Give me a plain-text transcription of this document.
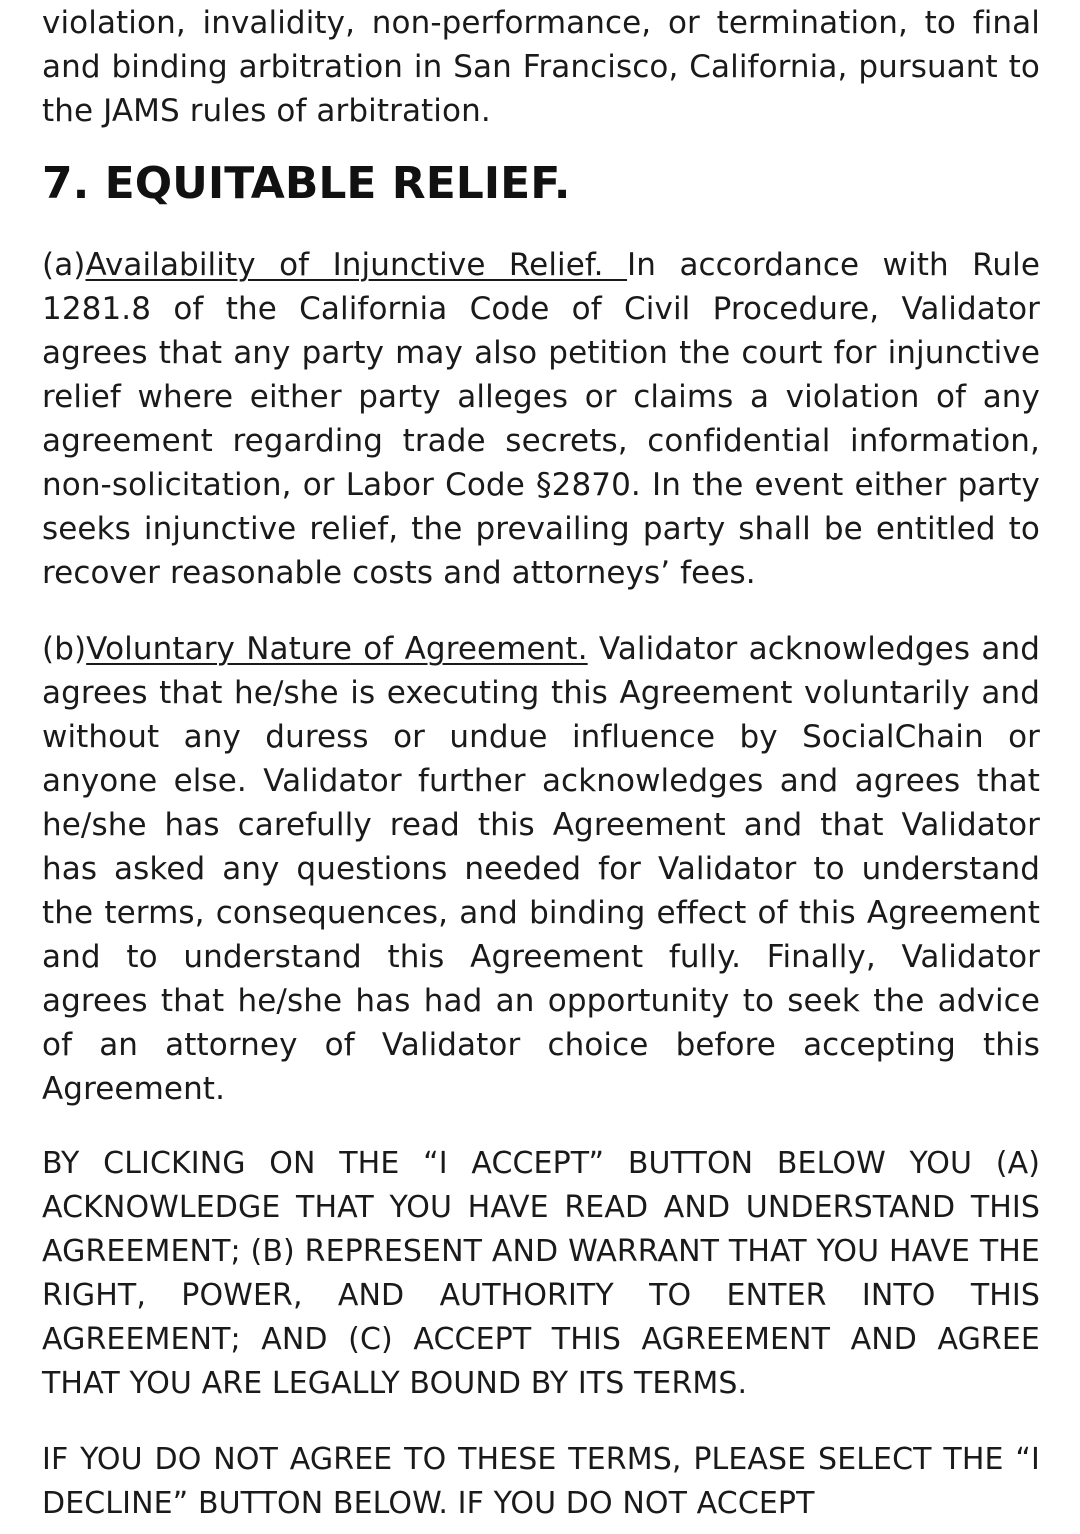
violation, invalidity, non-performance, or termination, to final and binding arbitration in San Francisco, California, pursuant to the JAMS rules of arbitration.

7. EQUITABLE RELIEF.

(a)Availability of Injunctive Relief. In accordance with Rule 1281.8 of the California Code of Civil Procedure, Validator agrees that any party may also petition the court for injunctive relief where either party alleges or claims a violation of any agreement regarding trade secrets, confidential information, non-solicitation, or Labor Code §2870. In the event either party seeks injunctive relief, the prevailing party shall be entitled to recover reasonable costs and attorneys’ fees.

(b)Voluntary Nature of Agreement. Validator acknowledges and agrees that he/she is executing this Agreement voluntarily and without any duress or undue influence by SocialChain or anyone else. Validator further acknowledges and agrees that he/she has carefully read this Agreement and that Validator has asked any questions needed for Validator to understand the terms, consequences, and binding effect of this Agreement and to understand this Agreement fully. Finally, Validator agrees that he/she has had an opportunity to seek the advice of an attorney of Validator choice before accepting this Agreement.

BY CLICKING ON THE “I ACCEPT” BUTTON BELOW YOU (A) ACKNOWLEDGE THAT YOU HAVE READ AND UNDERSTAND THIS AGREEMENT; (B) REPRESENT AND WARRANT THAT YOU HAVE THE RIGHT, POWER, AND AUTHORITY TO ENTER INTO THIS AGREEMENT; AND (C) ACCEPT THIS AGREEMENT AND AGREE THAT YOU ARE LEGALLY BOUND BY ITS TERMS.

IF YOU DO NOT AGREE TO THESE TERMS, PLEASE SELECT THE “I DECLINE” BUTTON BELOW. IF YOU DO NOT ACCEPT
